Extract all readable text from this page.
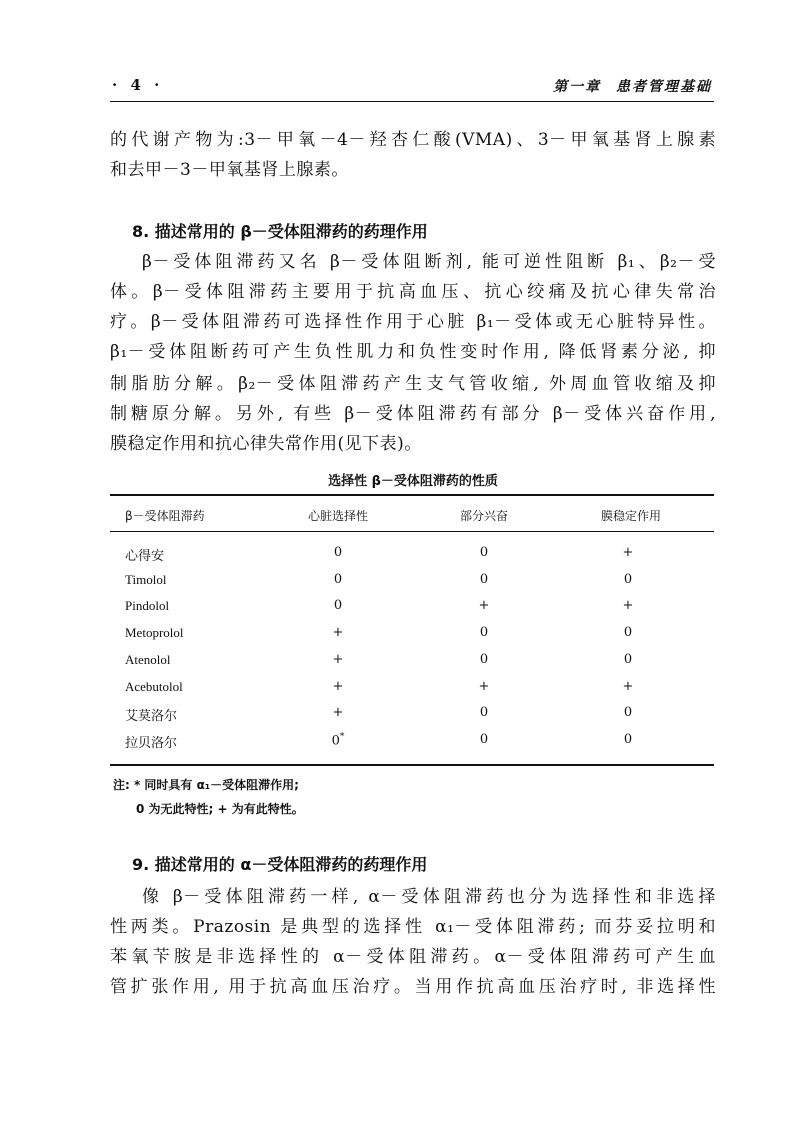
· 4 ·	第一章 患者管理基础
的代谢产物为:3－甲氧－4－羟杏仁酸(VMA)、3－甲氧基肾上腺素
和去甲－3－甲氧基肾上腺素。
8. 描述常用的 β－受体阻滞药的药理作用
β－受体阻滞药又名 β－受体阻断剂, 能可逆性阻断 β₁、β₂－受
体。β－受体阻滞药主要用于抗高血压、抗心绞痛及抗心律失常治
疗。β－受体阻滞药可选择性作用于心脏 β₁－受体或无心脏特异性。
β₁－受体阻断药可产生负性肌力和负性变时作用, 降低肾素分泌, 抑
制脂肪分解。β₂－受体阻滞药产生支气管收缩, 外周血管收缩及抑
制糖原分解。另外, 有些 β－受体阻滞药有部分 β－受体兴奋作用,
膜稳定作用和抗心律失常作用(见下表)。
选择性 β－受体阻滞药的性质
β－受体阻滞药	心脏选择性	部分兴奋	膜稳定作用
心得安	0	0	+
Timolol	0	0	0
Pindolol	0	+	+
Metoprolol	+	0	0
Atenolol	+	0	0
Acebutolol	+	+	+
艾莫洛尔	+	0	0
拉贝洛尔	0*	0	0
注: * 同时具有 α₁－受体阻滞作用;
0 为无此特性; + 为有此特性。
9. 描述常用的 α－受体阻滞药的药理作用
像 β－受体阻滞药一样, α－受体阻滞药也分为选择性和非选择
性两类。Prazosin 是典型的选择性 α₁－受体阻滞药; 而芬妥拉明和
苯氧苄胺是非选择性的 α－受体阻滞药。α－受体阻滞药可产生血
管扩张作用, 用于抗高血压治疗。当用作抗高血压治疗时, 非选择性
